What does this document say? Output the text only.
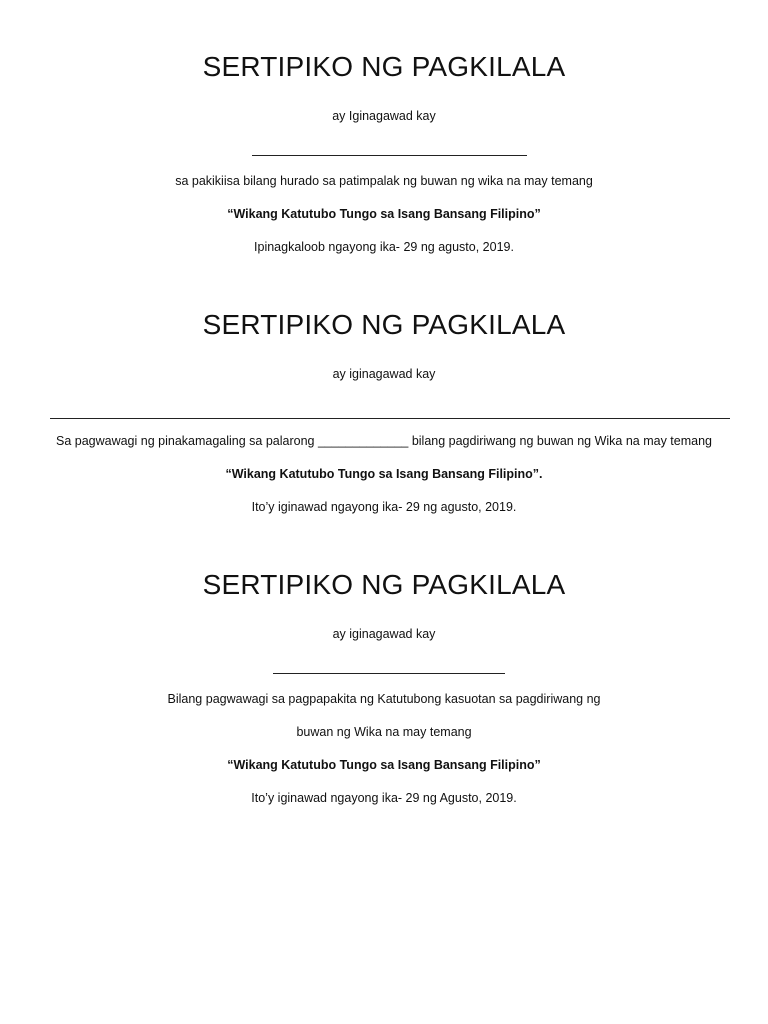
SERTIPIKO NG PAGKILALA
ay Iginagawad kay
sa pakikiisa bilang hurado sa patimpalak ng buwan ng wika na may temang
“Wikang Katutubo Tungo sa Isang Bansang Filipino”
Ipinagkaloob ngayong ika- 29 ng agusto, 2019.
SERTIPIKO NG PAGKILALA
ay iginagawad kay
Sa pagwawagi ng pinakamagaling sa palarong _____________ bilang pagdiriwang ng buwan ng Wika na may temang
“Wikang Katutubo Tungo sa Isang Bansang Filipino”.
Ito’y iginawad ngayong ika- 29 ng agusto, 2019.
SERTIPIKO NG PAGKILALA
ay iginagawad kay
Bilang pagwawagi sa pagpapakita ng Katutubong kasuotan sa pagdiriwang ng
buwan ng Wika na may temang
“Wikang Katutubo Tungo sa Isang Bansang Filipino”
Ito’y iginawad ngayong ika- 29 ng Agusto, 2019.
